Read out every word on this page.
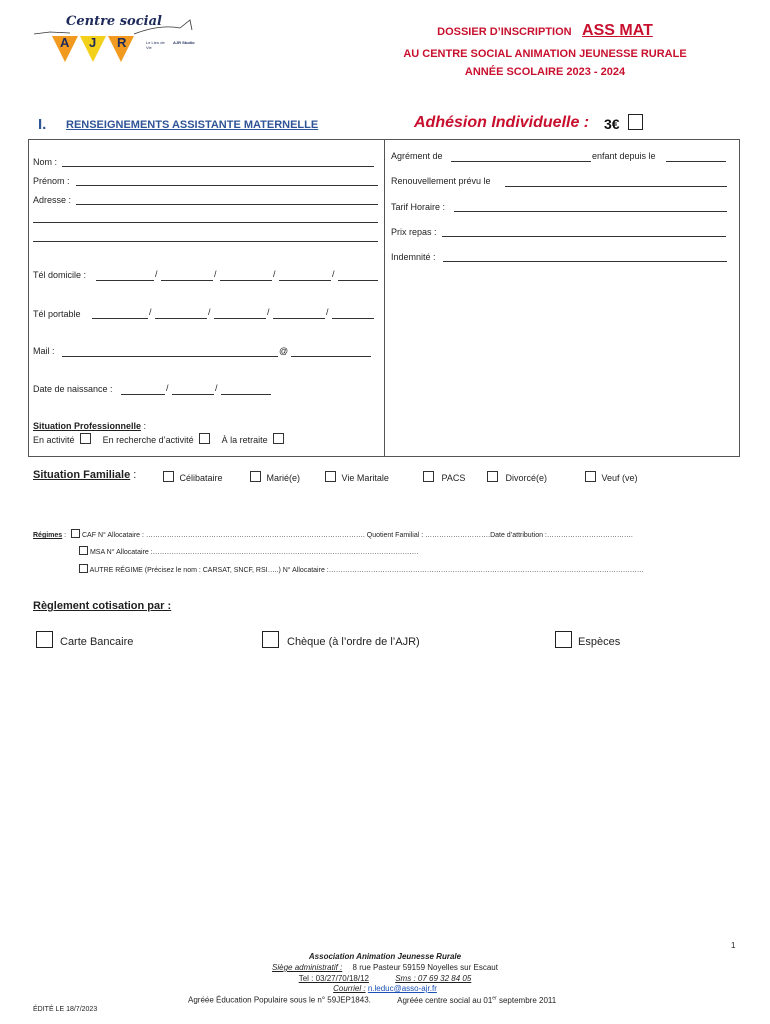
Centre social
A J R	Le Lieu de Vie
AJR Studio
DOSSIER D’INSCRIPTION ASS MAT
AU CENTRE SOCIAL ANIMATION JEUNESSE RURALE
ANNÉE SCOLAIRE 2023 - 2024
I. RENSEIGNEMENTS ASSISTANTE MATERNELLE	Adhésion Individuelle : 3€
Nom :
Prénom :
Adresse :
Tél domicile :	/	/	/	/
Tél portable	/	/	/	/
Mail :	@
Date de naissance :	/	/
Situation Professionnelle :
En activité	En recherche d’activité	À la retraite
Agrément de	enfant depuis le
Renouvellement prévu le
Tarif Horaire :
Prix repas :
Indemnité :
Situation Familiale :	Célibataire	Marié(e)	Vie Maritale	PACS	Divorcé(e)	Veuf (ve)
Régimes : CAF N° Allocataire : …………………………………………………………………………………. Quotient Familial : ……………………….Date d’attribution :……………………………….
MSA N° Allocataire :……………………………………………………………………………………………………
AUTRE RÉGIME (Précisez le nom : CARSAT, SNCF, RSI…..) N° Allocataire :………………………………………………………………………………………………………………………
Règlement cotisation par :
Carte Bancaire	Chèque (à l’ordre de l’AJR)	Espèces
1
Association Animation Jeunesse Rurale
Siège administratif : 8 rue Pasteur 59159 Noyelles sur Escaut
Tel : 03/27/70/18/12	Sms : 07 69 32 84 05
Courriel : n.leduc@asso-ajr.fr
Agréée Éducation Populaire sous le n° 59JEP1843.	Agréée centre social au 01er septembre 2011
ÉDITÉ LE 18/7/2023
